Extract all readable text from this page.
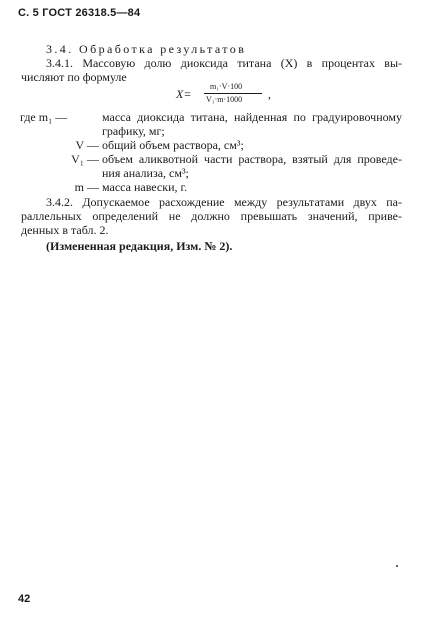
С. 5 ГОСТ 26318.5—84
3.4. Обработка результатов
3.4.1. Массовую долю диоксида титана (X) в процентах вы-
числяют по формуле
X=
m₁·V·100
V₁·m·1000 ,
где m₁ —	масса диоксида титана, найденная по градуировочному
графику, мг;
V — общий объем раствора, см³;
V₁ — объем аликвотной части раствора, взятый для проведе-
ния анализа, см³;
m — масса навески, г.
3.4.2. Допускаемое расхождение между результатами двух па-
раллельных определений не должно превышать значений, приве-
денных в табл. 2.
(Измененная редакция, Изм. № 2).
42
